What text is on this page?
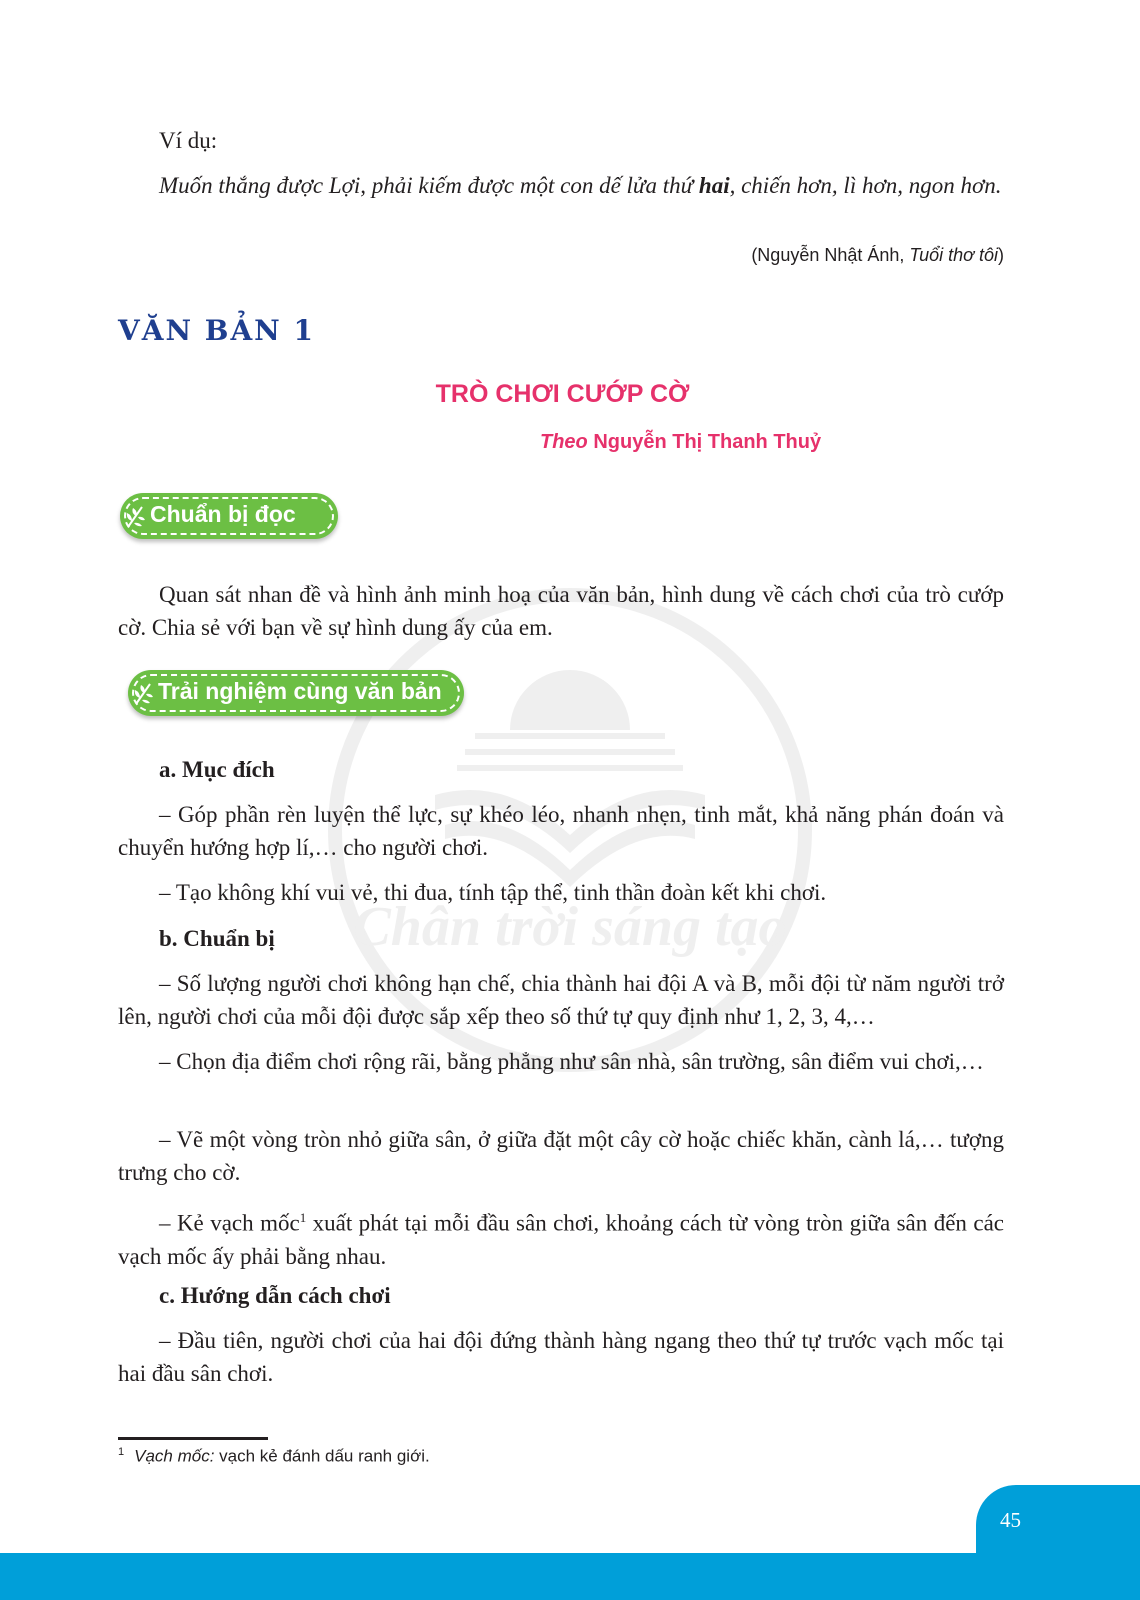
Chân trời sáng tạo

Ví dụ:

Muốn thắng được Lợi, phải kiếm được một con dế lửa thứ hai, chiến hơn, lì hơn, ngon hơn.

(Nguyễn Nhật Ánh, Tuổi thơ tôi)

VĂN BẢN 1
TRÒ CHƠI CƯỚP CỜ

Theo Nguyễn Thị Thanh Thuỷ

Chuẩn bị đọc

Quan sát nhan đề và hình ảnh minh hoạ của văn bản, hình dung về cách chơi của trò cướp cờ. Chia sẻ với bạn về sự hình dung ấy của em.

Trải nghiệm cùng văn bản

a. Mục đích

– Góp phần rèn luyện thể lực, sự khéo léo, nhanh nhẹn, tinh mắt, khả năng phán đoán và chuyển hướng hợp lí,… cho người chơi.

– Tạo không khí vui vẻ, thi đua, tính tập thể, tinh thần đoàn kết khi chơi.

b. Chuẩn bị

– Số lượng người chơi không hạn chế, chia thành hai đội A và B, mỗi đội từ năm người trở lên, người chơi của mỗi đội được sắp xếp theo số thứ tự quy định như 1, 2, 3, 4,…

– Chọn địa điểm chơi rộng rãi, bằng phẳng như sân nhà, sân trường, sân điểm vui chơi,…

– Vẽ một vòng tròn nhỏ giữa sân, ở giữa đặt một cây cờ hoặc chiếc khăn, cành lá,… tượng trưng cho cờ.

– Kẻ vạch mốc$^1$ xuất phát tại mỗi đầu sân chơi, khoảng cách từ vòng tròn giữa sân đến các vạch mốc ấy phải bằng nhau.

c. Hướng dẫn cách chơi

– Đầu tiên, người chơi của hai đội đứng thành hàng ngang theo thứ tự trước vạch mốc tại hai đầu sân chơi.

$^1$ Vạch mốc: vạch kẻ đánh dấu ranh giới.

45
